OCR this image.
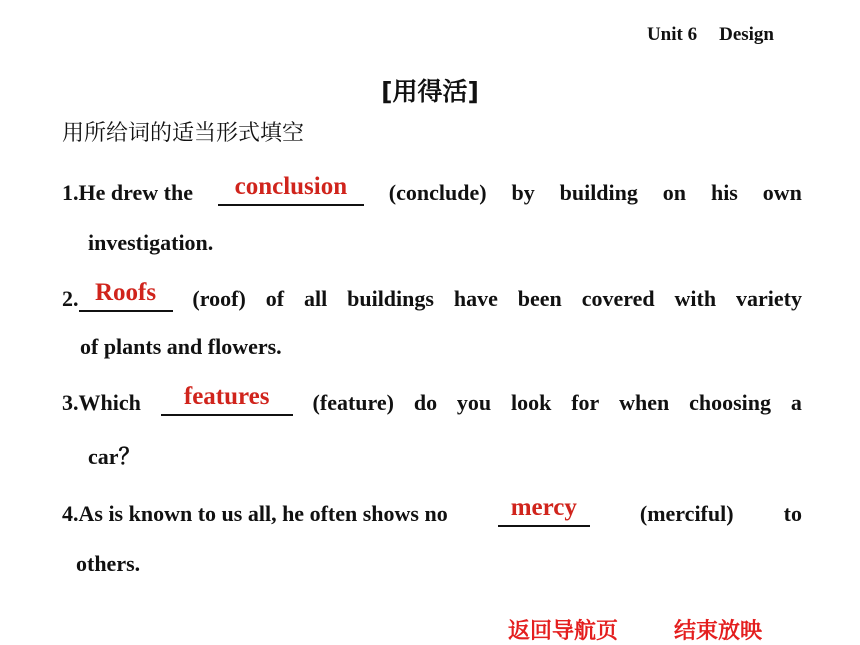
Unit 6 Design
[用得活]
用所给词的适当形式填空
1.He drew the	conclusion	(conclude) by building on his own
investigation.
2. Roofs	(roof) of all buildings have been covered with variety
of plants and flowers.
3.Which	features	(feature) do you look for when choosing a
car？
4.As is known to us all, he often shows no	mercy	(merciful) to
others.
返回导航页	结束放映
